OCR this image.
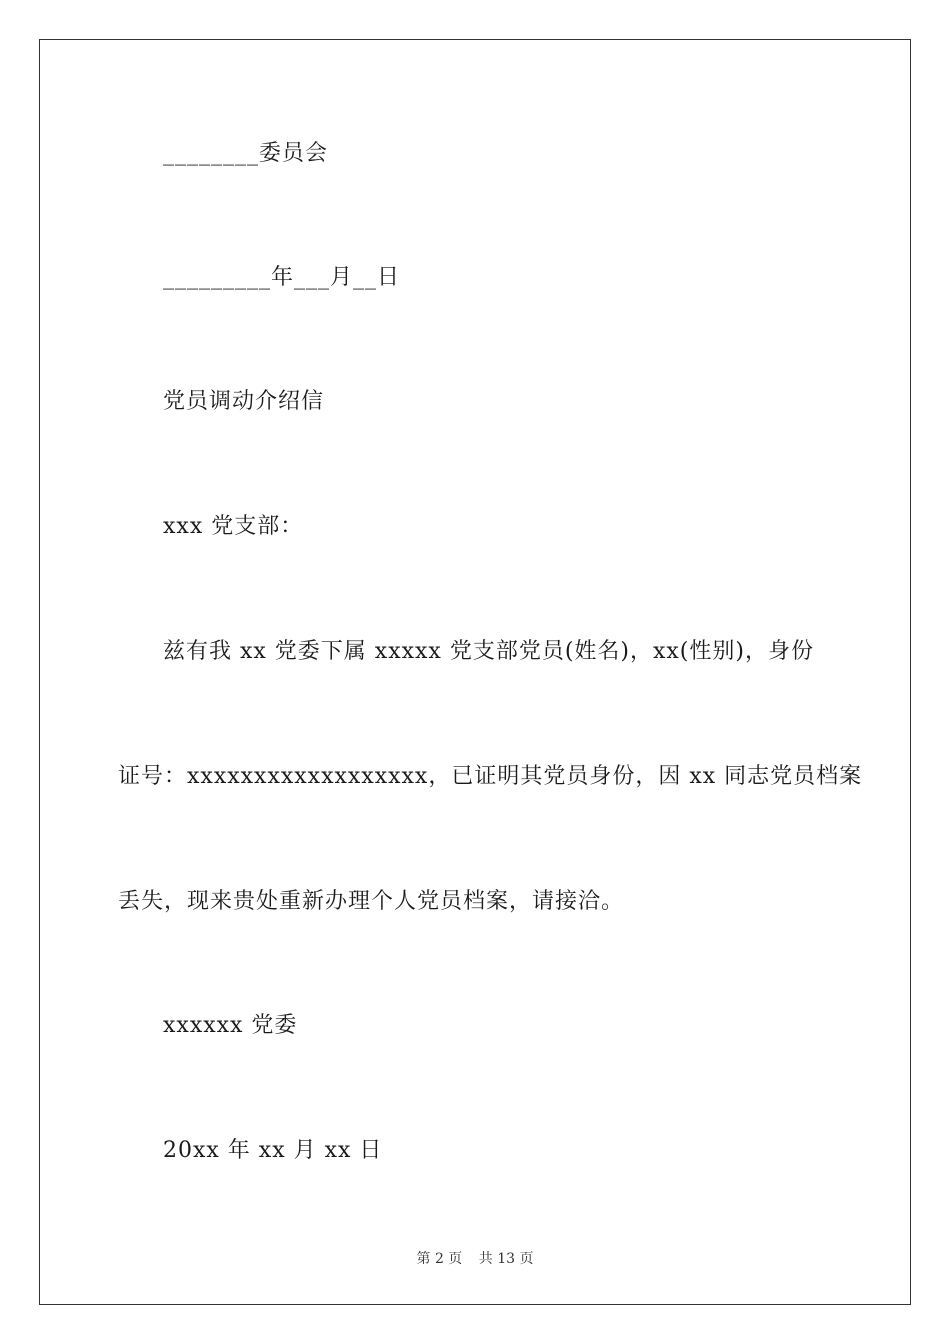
________委员会
_________年___月__日
党员调动介绍信
xxx 党支部：
兹有我 xx 党委下属 xxxxx 党支部党员(姓名)，xx(性别)，身份
证号：xxxxxxxxxxxxxxxxxx，已证明其党员身份，因 xx 同志党员档案
丢失，现来贵处重新办理个人党员档案，请接洽。
xxxxxx 党委
20xx 年 xx 月 xx 日
第 2 页 共 13 页
